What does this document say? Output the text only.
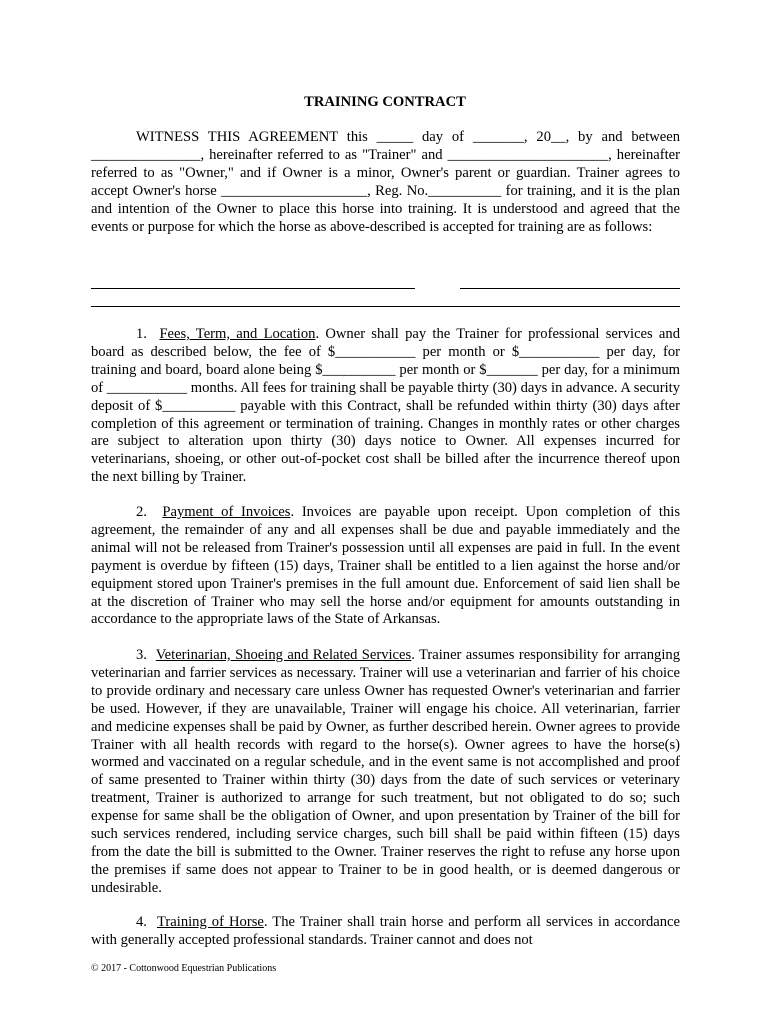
TRAINING CONTRACT

WITNESS THIS AGREEMENT this _____ day of _______, 20__, by and between _______________, hereinafter referred to as "Trainer" and ______________________, hereinafter referred to as "Owner," and if Owner is a minor, Owner's parent or guardian. Trainer agrees to accept Owner's horse ____________________, Reg. No.__________ for training, and it is the plan and intention of the Owner to place this horse into training. It is understood and agreed that the events or purpose for which the horse as above-described is accepted for training are as follows:

1. Fees, Term, and Location. Owner shall pay the Trainer for professional services and board as described below, the fee of $___________ per month or $___________ per day, for training and board, board alone being $__________ per month or $_______ per day, for a minimum of ___________ months. All fees for training shall be payable thirty (30) days in advance. A security deposit of $__________ payable with this Contract, shall be refunded within thirty (30) days after completion of this agreement or termination of training. Changes in monthly rates or other charges are subject to alteration upon thirty (30) days notice to Owner. All expenses incurred for veterinarians, shoeing, or other out-of-pocket cost shall be billed after the incurrence thereof upon the next billing by Trainer.

2. Payment of Invoices. Invoices are payable upon receipt. Upon completion of this agreement, the remainder of any and all expenses shall be due and payable immediately and the animal will not be released from Trainer's possession until all expenses are paid in full. In the event payment is overdue by fifteen (15) days, Trainer shall be entitled to a lien against the horse and/or equipment stored upon Trainer's premises in the full amount due. Enforcement of said lien shall be at the discretion of Trainer who may sell the horse and/or equipment for amounts outstanding in accordance to the appropriate laws of the State of Arkansas.

3. Veterinarian, Shoeing and Related Services. Trainer assumes responsibility for arranging veterinarian and farrier services as necessary. Trainer will use a veterinarian and farrier of his choice to provide ordinary and necessary care unless Owner has requested Owner's veterinarian and farrier be used. However, if they are unavailable, Trainer will engage his choice. All veterinarian, farrier and medicine expenses shall be paid by Owner, as further described herein. Owner agrees to provide Trainer with all health records with regard to the horse(s). Owner agrees to have the horse(s) wormed and vaccinated on a regular schedule, and in the event same is not accomplished and proof of same presented to Trainer within thirty (30) days from the date of such services or veterinary treatment, Trainer is authorized to arrange for such treatment, but not obligated to do so; such expense for same shall be the obligation of Owner, and upon presentation by Trainer of the bill for such services rendered, including service charges, such bill shall be paid within fifteen (15) days from the date the bill is submitted to the Owner. Trainer reserves the right to refuse any horse upon the premises if same does not appear to Trainer to be in good health, or is deemed dangerous or undesirable.

4. Training of Horse. The Trainer shall train horse and perform all services in accordance with generally accepted professional standards. Trainer cannot and does not

© 2017 - Cottonwood Equestrian Publications
